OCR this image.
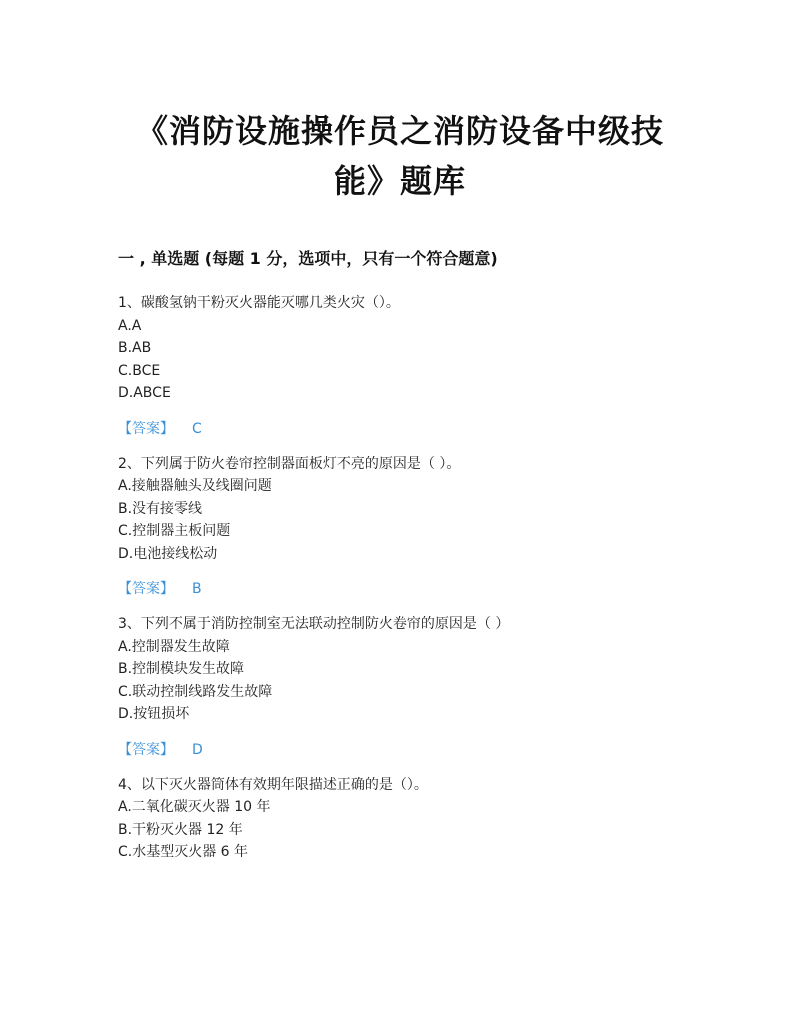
《消防设施操作员之消防设备中级技
能》题库
一 , 单选题 (每题 1 分，选项中，只有一个符合题意)
1、碳酸氢钠干粉灭火器能灭哪几类火灾（）。
A.A
B.AB
C.BCE
D.ABCE
【答案】 C
2、下列属于防火卷帘控制器面板灯不亮的原因是（ ）。
A.接触器触头及线圈问题
B.没有接零线
C.控制器主板问题
D.电池接线松动
【答案】 B
3、下列不属于消防控制室无法联动控制防火卷帘的原因是（ ）
A.控制器发生故障
B.控制模块发生故障
C.联动控制线路发生故障
D.按钮损坏
【答案】 D
4、以下灭火器筒体有效期年限描述正确的是（）。
A.二氧化碳灭火器 10 年
B.干粉灭火器 12 年
C.水基型灭火器 6 年
